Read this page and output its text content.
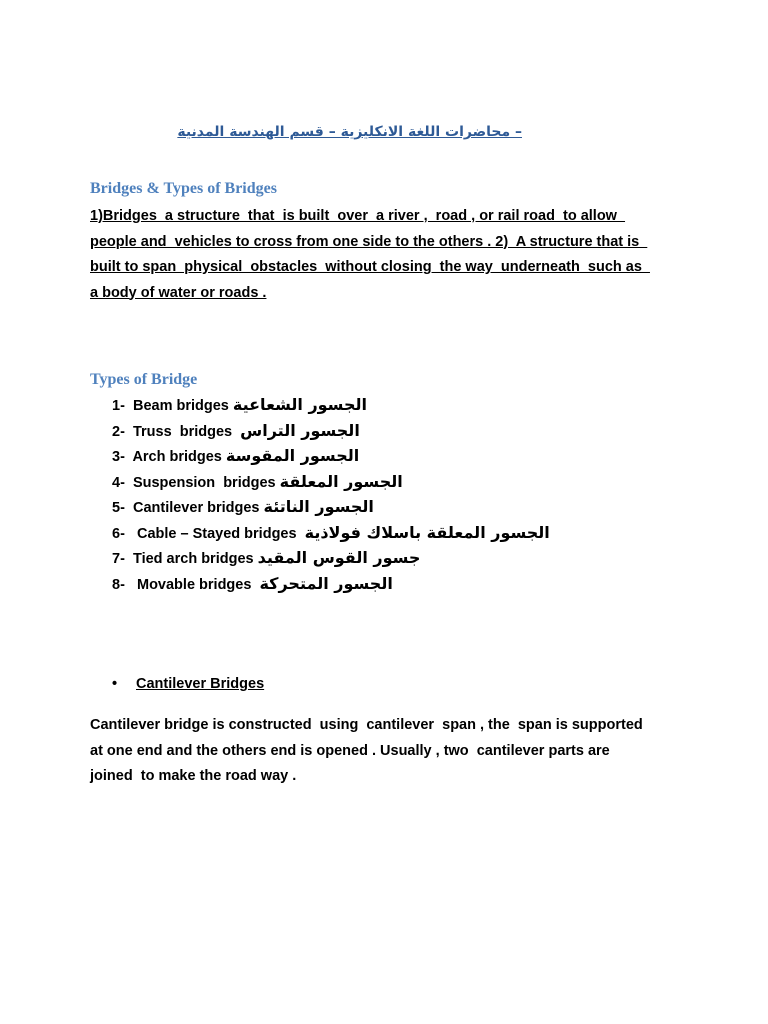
– محاضرات اللغة الانكليزية – قسم الهندسة المدنية
Bridges & Types of Bridges

1)Bridges  a structure  that  is built  over  a river ,  road , or rail road  to allow
people and  vehicles to cross from one side to the others . 2)  A structure that is
built to span  physical  obstacles  without closing  the way  underneath  such as
a body of water or roads .

Types of Bridge
1- Beam bridges الجسور الشعاعية
2- Truss  bridges  الجسور التراس
3- Arch bridges الجسور المقوسة
4- Suspension  bridges الجسور المعلقة
5- Cantilever bridges الجسور الناتئة
6-   Cable – Stayed bridges  الجسور المعلقة باسلاك فولاذية
7- Tied arch bridges جسور القوس المقيد
8-   Movable bridges  الجسور المتحركة
• Cantilever Bridges

Cantilever bridge is constructed  using  cantilever  span , the  span is supported
at one end and the others end is opened . Usually , two  cantilever parts are
joined  to make the road way .
